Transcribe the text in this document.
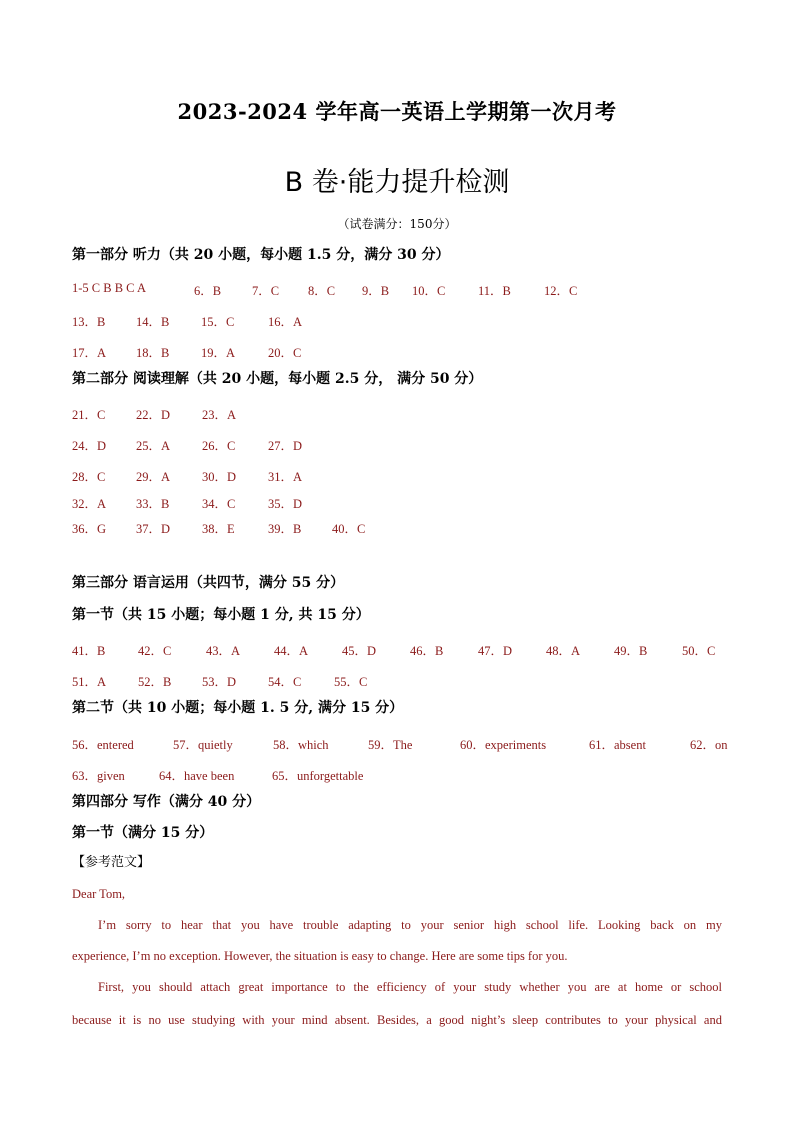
2023-2024 学年高一英语上学期第一次月考
B 卷·能力提升检测
（试卷满分：150分）
第一部分 听力（共 20 小题，每小题 1.5 分，满分 30 分）
1-5 C B B C A	6．B 7．C 8．C 9．B 10．C	11．B	12．C
13．B 14．B	15．C	16．A
17．A 18．B	19．A	20．C
第二部分 阅读理解（共 20 小题，每小题 2.5 分， 满分 50 分）
21．C 22．D	23．A
24．D 25．A	26．C	27．D
28．C 29．A	30．D	31．A
32．A 33．B	34．C	35．D
36．G 37．D	38．E	39．B 40．C
第三部分 语言运用（共四节，满分 55 分）
第一节（共 15 小题；每小题 1 分, 共 15 分）
41．B	42．C	43．A	44．A	45．D	46．B	47．D	48．A	49．B	50．C
51．A	52．B 53．D	54．C	55．C
第二节（共 10 小题；每小题 1. 5 分, 满分 15 分）
56．entered	57．quietly	58．which	59．The	60．experiments	61．absent	62．on
63．given	64．have been	65．unforgettable
第四部分 写作（满分 40 分）
第一节（满分 15 分）
【参考范文】
Dear Tom,
I’m sorry to hear that you have trouble adapting to your senior high school life. Looking back on my
experience, I’m no exception. However, the situation is easy to change. Here are some tips for you.
First, you should attach great importance to the efficiency of your study whether you are at home or school
because it is no use studying with your mind absent. Besides, a good night’s sleep contributes to your physical and
